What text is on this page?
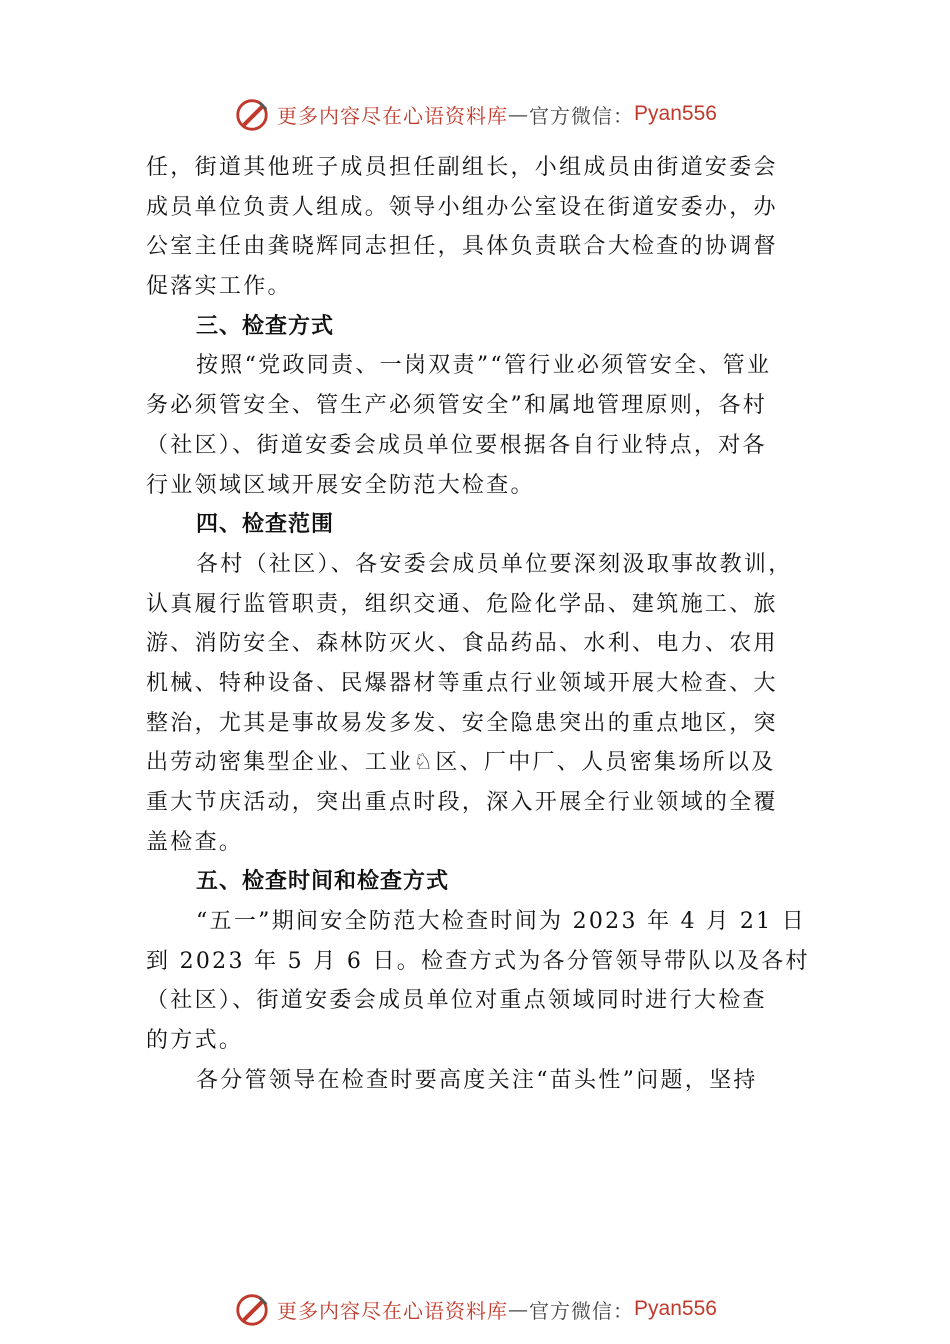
更多内容尽在心语资料库 — 官方微信： Pyan556
任，街道其他班子成员担任副组长，小组成员由街道安委会
成员单位负责人组成。领导小组办公室设在街道安委办，办
公室主任由龚晓辉同志担任，具体负责联合大检查的协调督
促落实工作。
三、检查方式
按照“党政同责、一岗双责”“管行业必须管安全、管业
务必须管安全、管生产必须管安全”和属地管理原则，各村
（社区）、街道安委会成员单位要根据各自行业特点，对各
行业领域区域开展安全防范大检查。
四、检查范围
各村（社区）、各安委会成员单位要深刻汲取事故教训，
认真履行监管职责，组织交通、危险化学品、建筑施工、旅
游、消防安全、森林防灭火、食品药品、水利、电力、农用
机械、特种设备、民爆器材等重点行业领域开展大检查、大
整治，尤其是事故易发多发、安全隐患突出的重点地区，突
出劳动密集型企业、工业♘区、厂中厂、人员密集场所以及
重大节庆活动，突出重点时段，深入开展全行业领域的全覆
盖检查。
五、检查时间和检查方式
“五一”期间安全防范大检查时间为 2023 年 4 月 21 日
到 2023 年 5 月 6 日。检查方式为各分管领导带队以及各村
（社区）、街道安委会成员单位对重点领域同时进行大检查
的方式。
各分管领导在检查时要高度关注“苗头性”问题，坚持
更多内容尽在心语资料库 — 官方微信： Pyan556
